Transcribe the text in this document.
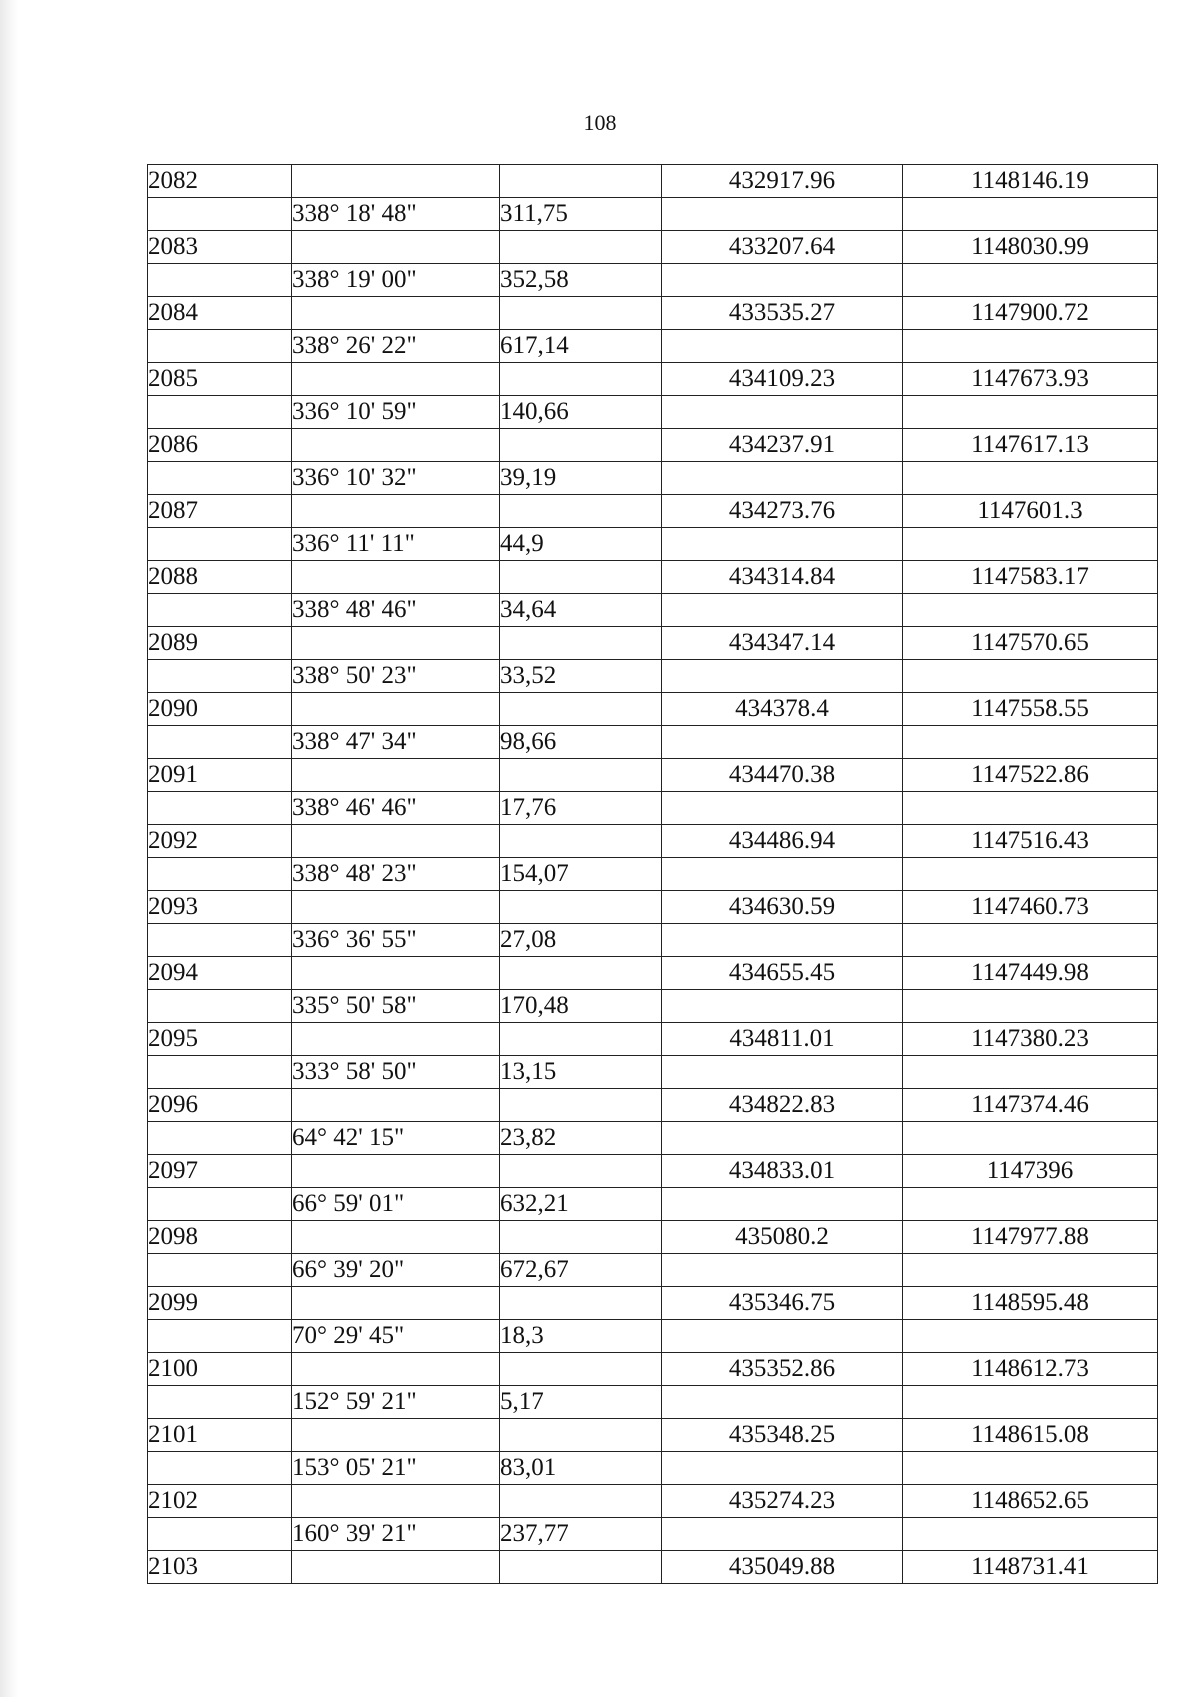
108
2082			432917.96	1148146.19
	338° 18' 48"	311,75		
2083			433207.64	1148030.99
	338° 19' 00"	352,58		
2084			433535.27	1147900.72
	338° 26' 22"	617,14		
2085			434109.23	1147673.93
	336° 10' 59"	140,66		
2086			434237.91	1147617.13
	336° 10' 32"	39,19		
2087			434273.76	1147601.3
	336° 11' 11"	44,9		
2088			434314.84	1147583.17
	338° 48' 46"	34,64		
2089			434347.14	1147570.65
	338° 50' 23"	33,52		
2090			434378.4	1147558.55
	338° 47' 34"	98,66		
2091			434470.38	1147522.86
	338° 46' 46"	17,76		
2092			434486.94	1147516.43
	338° 48' 23"	154,07		
2093			434630.59	1147460.73
	336° 36' 55"	27,08		
2094			434655.45	1147449.98
	335° 50' 58"	170,48		
2095			434811.01	1147380.23
	333° 58' 50"	13,15		
2096			434822.83	1147374.46
	64° 42' 15"	23,82		
2097			434833.01	1147396
	66° 59' 01"	632,21		
2098			435080.2	1147977.88
	66° 39' 20"	672,67		
2099			435346.75	1148595.48
	70° 29' 45"	18,3		
2100			435352.86	1148612.73
	152° 59' 21"	5,17		
2101			435348.25	1148615.08
	153° 05' 21"	83,01		
2102			435274.23	1148652.65
	160° 39' 21"	237,77		
2103			435049.88	1148731.41
